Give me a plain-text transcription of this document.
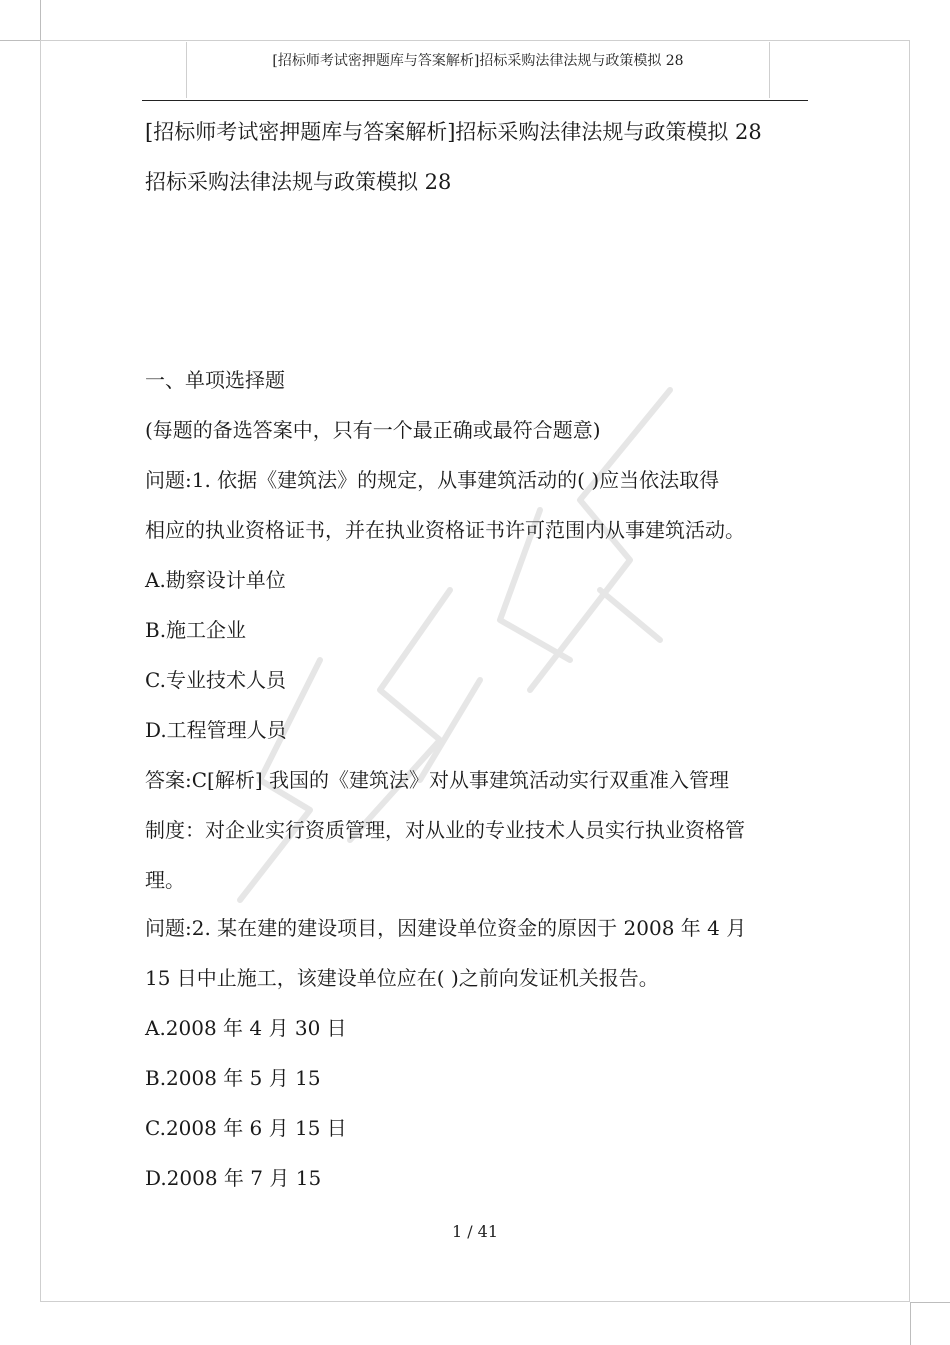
[招标师考试密押题库与答案解析]招标采购法律法规与政策模拟 28
[招标师考试密押题库与答案解析]招标采购法律法规与政策模拟 28
招标采购法律法规与政策模拟 28
一、单项选择题
(每题的备选答案中，只有一个最正确或最符合题意)
问题:1. 依据《建筑法》的规定，从事建筑活动的( )应当依法取得
相应的执业资格证书，并在执业资格证书许可范围内从事建筑活动。
A.勘察设计单位
B.施工企业
C.专业技术人员
D.工程管理人员
答案:C[解析] 我国的《建筑法》对从事建筑活动实行双重准入管理
制度：对企业实行资质管理，对从业的专业技术人员实行执业资格管
理。
问题:2. 某在建的建设项目，因建设单位资金的原因于 2008 年 4 月
15 日中止施工，该建设单位应在( )之前向发证机关报告。
A.2008 年 4 月 30 日
B.2008 年 5 月 15
C.2008 年 6 月 15 日
D.2008 年 7 月 15
1 / 41
